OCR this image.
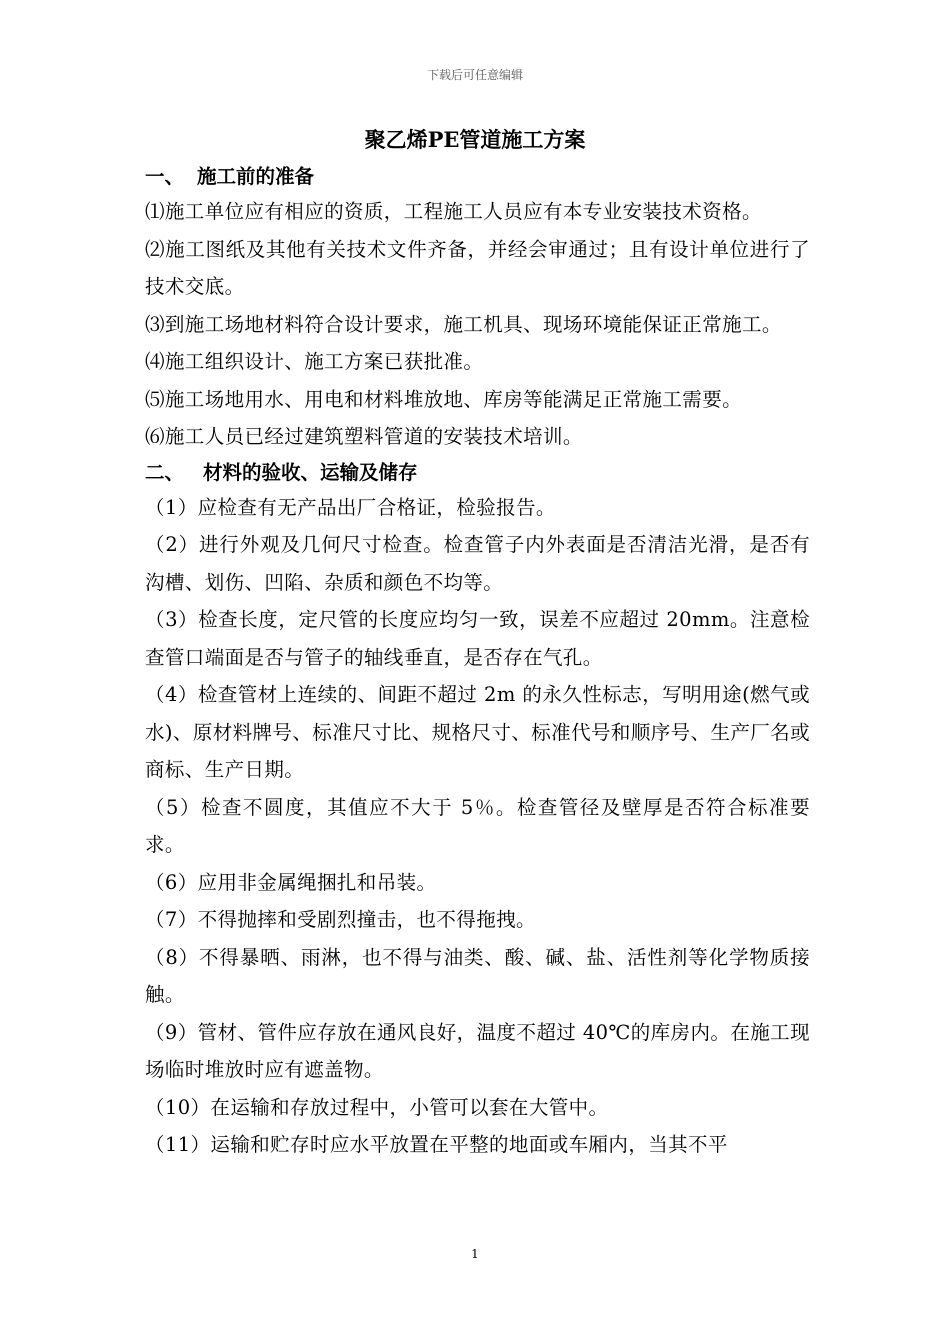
下载后可任意编辑
聚乙烯PE管道施工方案

一、 施工前的准备

⑴施工单位应有相应的资质，工程施工人员应有本专业安装技术资格。

⑵施工图纸及其他有关技术文件齐备，并经会审通过；且有设计单位进行了技术交底。

⑶到施工场地材料符合设计要求，施工机具、现场环境能保证正常施工。

⑷施工组织设计、施工方案已获批准。

⑸施工场地用水、用电和材料堆放地、库房等能满足正常施工需要。

⑹施工人员已经过建筑塑料管道的安装技术培训。

二、 材料的验收、运输及储存

（1）应检查有无产品出厂合格证，检验报告。

（2）进行外观及几何尺寸检查。检查管子内外表面是否清洁光滑，是否有沟槽、划伤、凹陷、杂质和颜色不均等。

（3）检查长度，定尺管的长度应均匀一致，误差不应超过 20mm。注意检查管口端面是否与管子的轴线垂直，是否存在气孔。

（4）检查管材上连续的、间距不超过 2m 的永久性标志，写明用途(燃气或水)、原材料牌号、标准尺寸比、规格尺寸、标准代号和顺序号、生产厂名或商标、生产日期。

（5）检查不圆度，其值应不大于 5％。检查管径及壁厚是否符合标准要求。

（6）应用非金属绳捆扎和吊装。

（7）不得抛摔和受剧烈撞击，也不得拖拽。

（8）不得暴晒、雨淋，也不得与油类、酸、碱、盐、活性剂等化学物质接触。

（9）管材、管件应存放在通风良好，温度不超过 40℃的库房内。在施工现场临时堆放时应有遮盖物。

（10）在运输和存放过程中，小管可以套在大管中。

（11）运输和贮存时应水平放置在平整的地面或车厢内，当其不平

1
